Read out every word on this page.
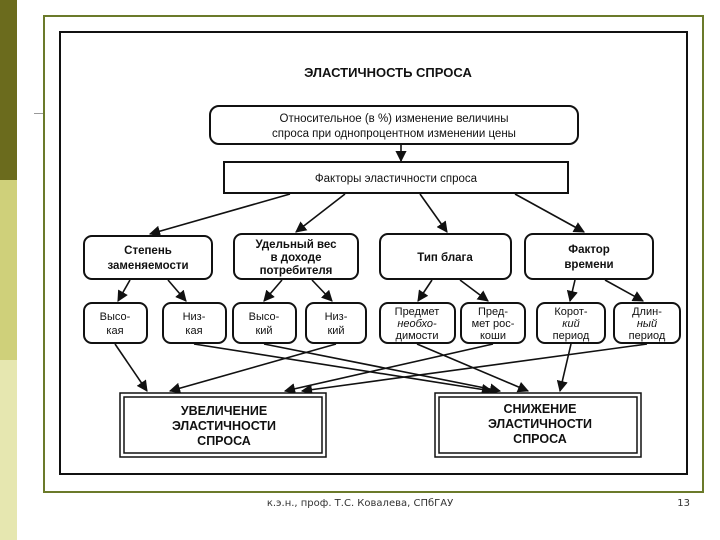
ЭЛАСТИЧНОСТЬ СПРОСА
Относительное (в %) изменение величины
спроса при однопроцентном изменении цены
Факторы эластичности спроса
Степень
заменяемости
Удельный вес
в доходе
потребителя
Тип блага
Фактор
времени
Высо-
кая
Низ-
кая
Высо-
кий
Низ-
кий
Предмет
необхо-
димости
Пред-
мет рос-
коши
Корот-
кий
период
Длин-
ный
период
УВЕЛИЧЕНИЕ
ЭЛАСТИЧНОСТИ
СПРОСА
СНИЖЕНИЕ
ЭЛАСТИЧНОСТИ
СПРОСА
к.э.н., проф. Т.С. Ковалева, СПбГАУ	13
